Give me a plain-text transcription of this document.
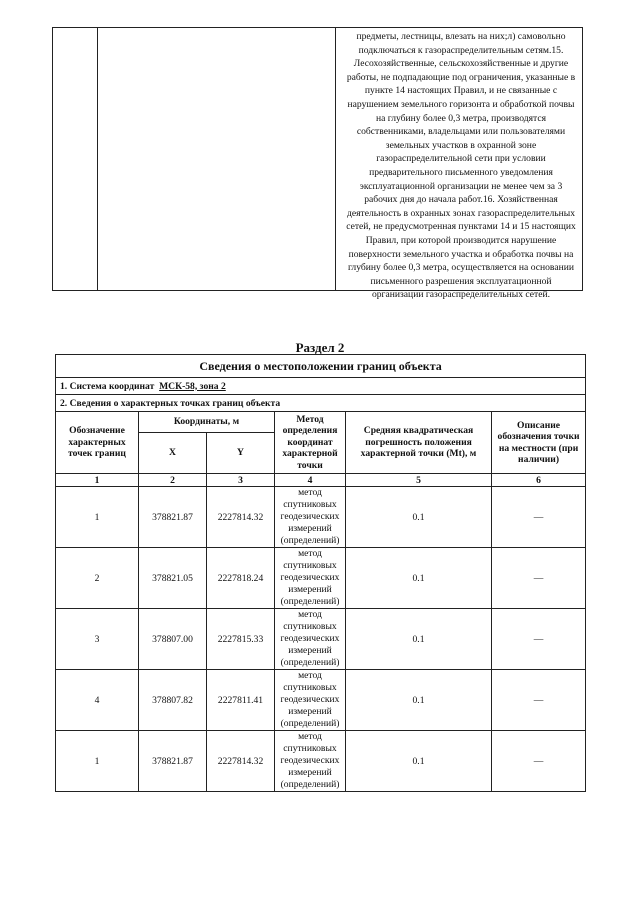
предметы, лестницы, влезать на них;л) самовольно подключаться к газораспределительным сетям.15. Лесохозяйственные, сельскохозяйственные и другие работы, не подпадающие под ограничения, указанные в пункте 14 настоящих Правил, и не связанные с нарушением земельного горизонта и обработкой почвы на глубину более 0,3 метра, производятся собственниками, владельцами или пользователями земельных участков в охранной зоне газораспределительной сети при условии предварительного письменного уведомления эксплуатационной организации не менее чем за 3 рабочих дня до начала работ.16. Хозяйственная деятельность в охранных зонах газораспределительных сетей, не предусмотренная пунктами 14 и 15 настоящих Правил, при которой производится нарушение поверхности земельного участка и обработка почвы на глубину более 0,3 метра, осуществляется на основании письменного разрешения эксплуатационной организации газораспределительных сетей.
Раздел 2
Сведения о местоположении границ объекта					
1. Система координат МСК-58, зона 2					
2. Сведения о характерных точках границ объекта					
Обозначение характерных точек границ	Координаты, м		Метод определения координат характерной точки	Средняя квадратическая погрешность положения характерной точки (Mt), м	Описание обозначения точки на местности (при наличии)
	X	Y			
1	2	3	4	5	6
1	378821.87	2227814.32	метод спутниковых геодезических измерений (определений)	0.1	—
2	378821.05	2227818.24	метод спутниковых геодезических измерений (определений)	0.1	—
3	378807.00	2227815.33	метод спутниковых геодезических измерений (определений)	0.1	—
4	378807.82	2227811.41	метод спутниковых геодезических измерений (определений)	0.1	—
1	378821.87	2227814.32	метод спутниковых геодезических измерений (определений)	0.1	—
